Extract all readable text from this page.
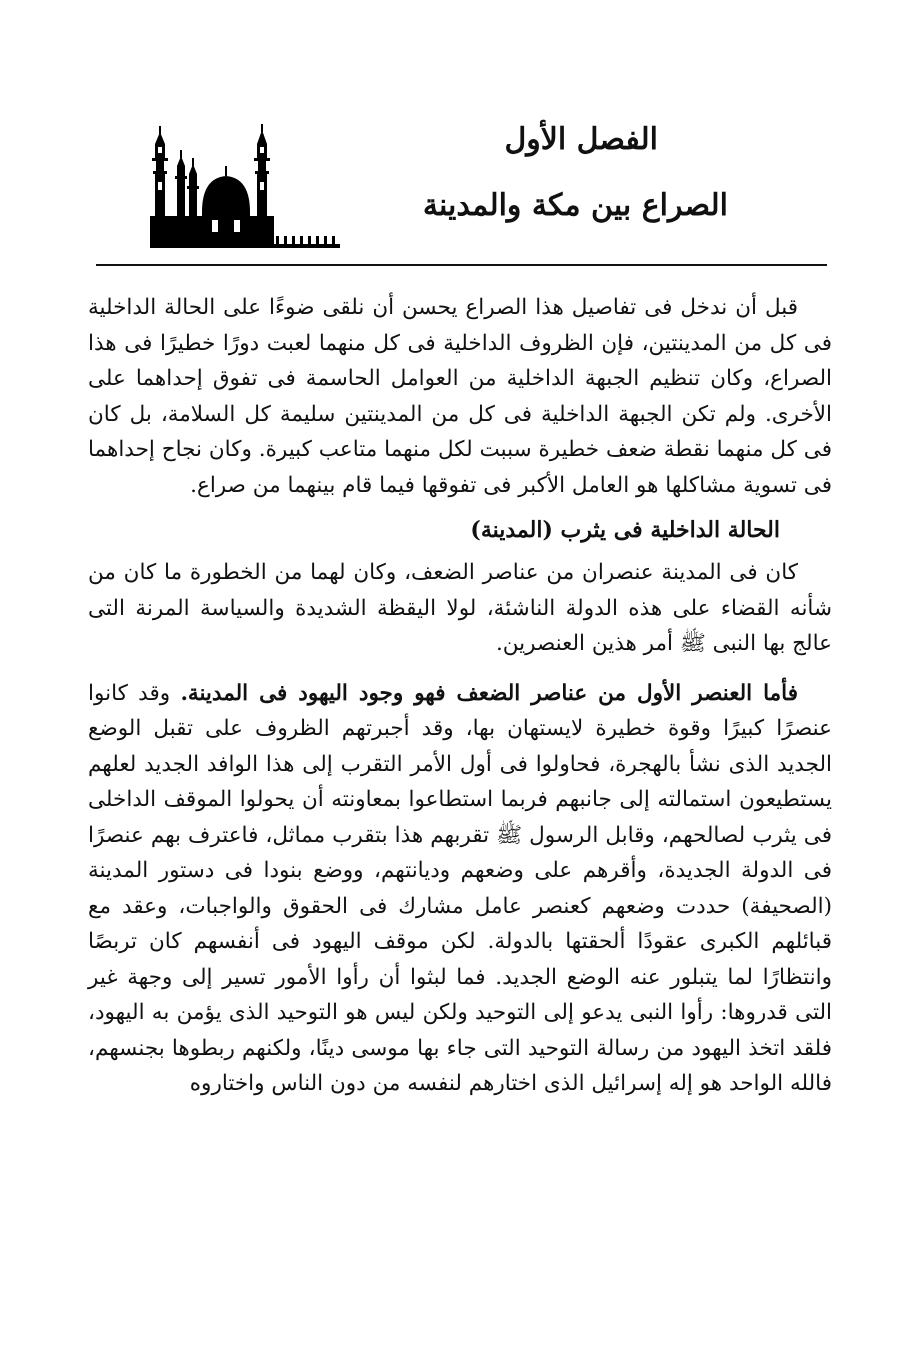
الفصل الأول
الصراع بين مكة والمدينة

قبل أن ندخل فى تفاصيل هذا الصراع يحسن أن نلقى ضوءًا على الحالة الداخلية فى كل من المدينتين، فإن الظروف الداخلية فى كل منهما لعبت دورًا خطيرًا فى هذا الصراع، وكان تنظيم الجبهة الداخلية من العوامل الحاسمة فى تفوق إحداهما على الأخرى. ولم تكن الجبهة الداخلية فى كل من المدينتين سليمة كل السلامة، بل كان فى كل منهما نقطة ضعف خطيرة سببت لكل منهما متاعب كبيرة. وكان نجاح إحداهما فى تسوية مشاكلها هو العامل الأكبر فى تفوقها فيما قام بينهما من صراع.

الحالة الداخلية فى يثرب (المدينة)

كان فى المدينة عنصران من عناصر الضعف، وكان لهما من الخطورة ما كان من شأنه القضاء على هذه الدولة الناشئة، لولا اليقظة الشديدة والسياسة المرنة التى عالج بها النبى ﷺ أمر هذين العنصرين.

فأما العنصر الأول من عناصر الضعف فهو وجود اليهود فى المدينة. وقد كانوا عنصرًا كبيرًا وقوة خطيرة لايستهان بها، وقد أجبرتهم الظروف على تقبل الوضع الجديد الذى نشأ بالهجرة، فحاولوا فى أول الأمر التقرب إلى هذا الوافد الجديد لعلهم يستطيعون استمالته إلى جانبهم فربما استطاعوا بمعاونته أن يحولوا الموقف الداخلى فى يثرب لصالحهم، وقابل الرسول ﷺ تقربهم هذا بتقرب مماثل، فاعترف بهم عنصرًا فى الدولة الجديدة، وأقرهم على وضعهم وديانتهم، ووضع بنودا فى دستور المدينة (الصحيفة) حددت وضعهم كعنصر عامل مشارك فى الحقوق والواجبات، وعقد مع قبائلهم الكبرى عقودًا ألحقتها بالدولة. لكن موقف اليهود فى أنفسهم كان تربصًا وانتظارًا لما يتبلور عنه الوضع الجديد. فما لبثوا أن رأوا الأمور تسير إلى وجهة غير التى قدروها: رأوا النبى يدعو إلى التوحيد ولكن ليس هو التوحيد الذى يؤمن به اليهود، فلقد اتخذ اليهود من رسالة التوحيد التى جاء بها موسى دينًا، ولكنهم ربطوها بجنسهم، فالله الواحد هو إله إسرائيل الذى اختارهم لنفسه من دون الناس واختاروه
